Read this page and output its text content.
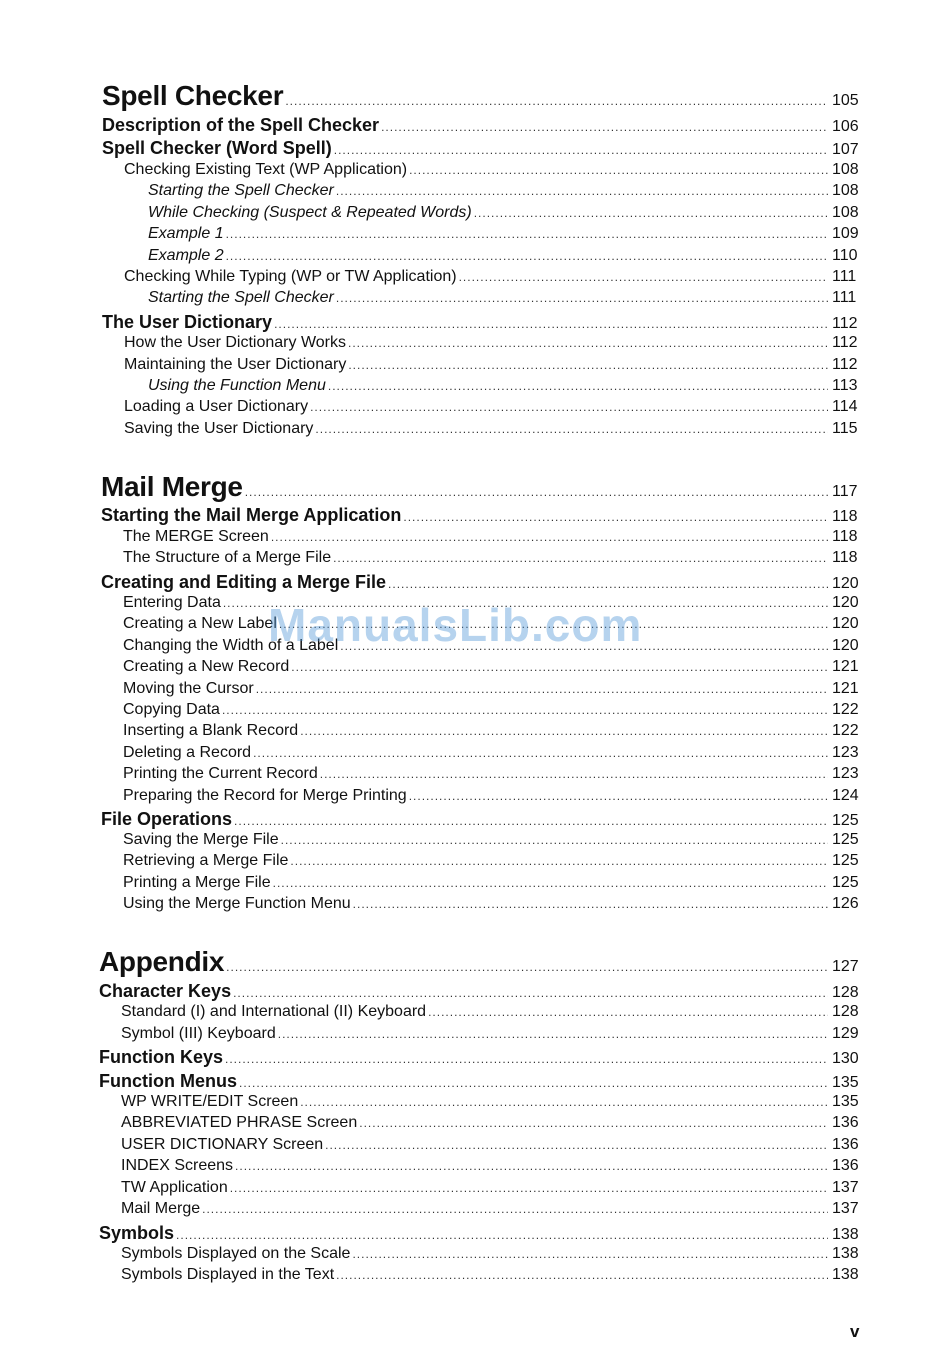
Spell Checker .....	105
Description of the Spell Checker .....	106
Spell Checker (Word Spell) .....	107
Checking Existing Text (WP Application) .....	108
Starting the Spell Checker .....	108
While Checking (Suspect & Repeated Words) .....	108
Example 1 .....	109
Example 2 .....	110
Checking While Typing (WP or TW Application) .....	111
Starting the Spell Checker .....	111
The User Dictionary .....	112
How the User Dictionary Works .....	112
Maintaining the User Dictionary .....	112
Using the Function Menu .....	113
Loading a User Dictionary .....	114
Saving the User Dictionary .....	115
Mail Merge .....	117
Starting the Mail Merge Application .....	118
The MERGE Screen .....	118
The Structure of a Merge File .....	118
Creating and Editing a Merge File .....	120
Entering Data .....	120
Creating a New Label .....	120
Changing the Width of a Label .....	120
Creating a New Record .....	121
Moving the Cursor .....	121
Copying Data .....	122
Inserting a Blank Record .....	122
Deleting a Record .....	123
Printing the Current Record .....	123
Preparing the Record for Merge Printing .....	124
File Operations .....	125
Saving the Merge File .....	125
Retrieving a Merge File .....	125
Printing a Merge File .....	125
Using the Merge Function Menu .....	126
Appendix .....	127
Character Keys .....	128
Standard (I) and International (II) Keyboard .....	128
Symbol (III) Keyboard .....	129
Function Keys .....	130
Function Menus .....	135
WP WRITE/EDIT Screen .....	135
ABBREVIATED PHRASE Screen .....	136
USER DICTIONARY Screen .....	136
INDEX Screens .....	136
TW Application .....	137
Mail Merge .....	137
Symbols .....	138
Symbols Displayed on the Scale .....	138
Symbols Displayed in the Text .....	138
ManualsLib.com
v
